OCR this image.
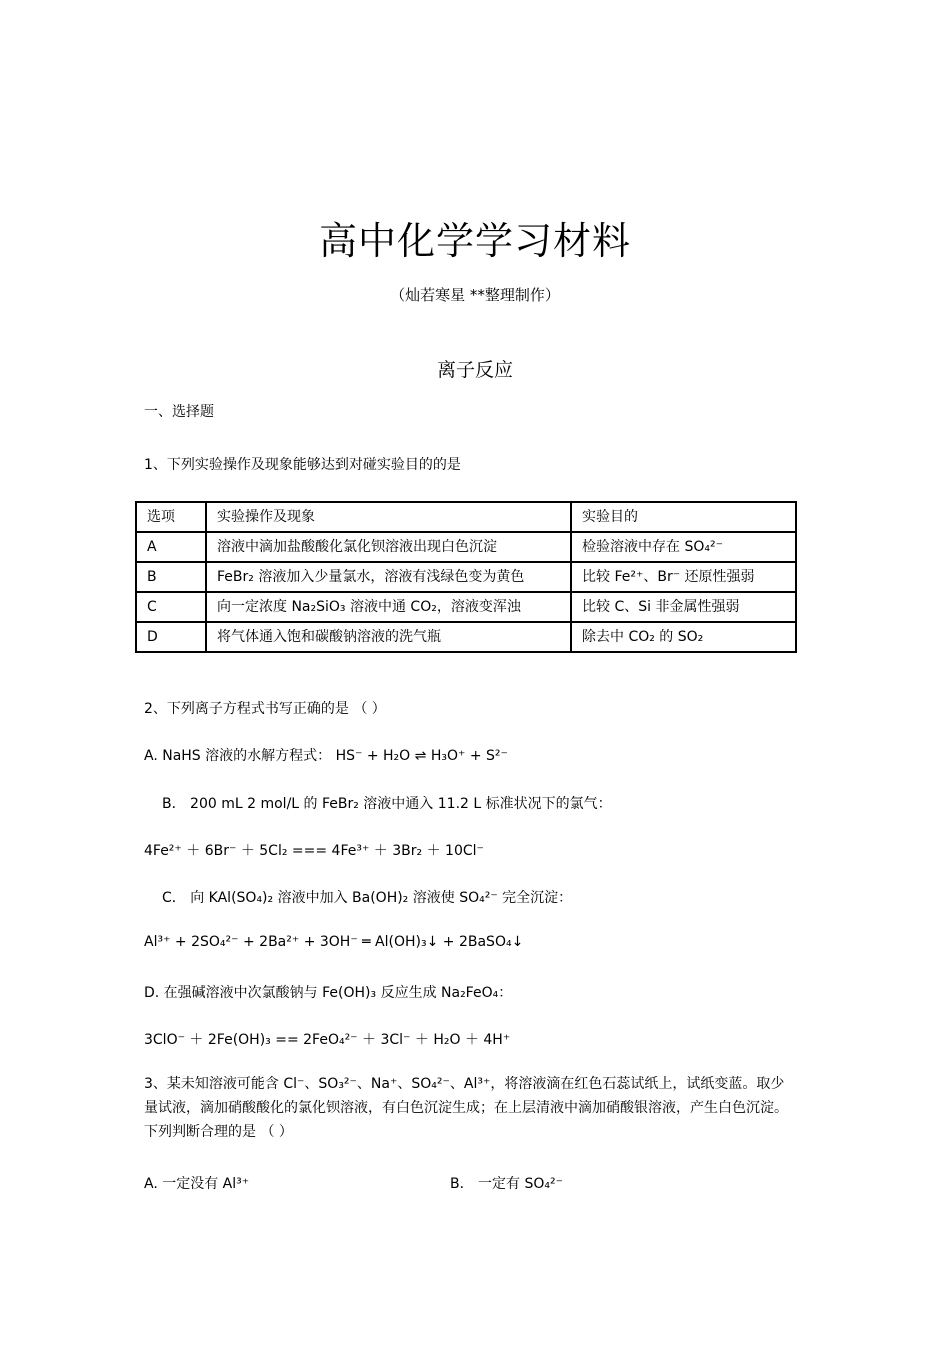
高中化学学习材料
（灿若寒星 **整理制作）
离子反应
一、选择题
1、下列实验操作及现象能够达到对碰实验目的的是
选项	实验操作及现象	实验目的
A	溶液中滴加盐酸酸化氯化钡溶液出现白色沉淀	检验溶液中存在 SO₄²⁻
B	FeBr₂ 溶液加入少量氯水，溶液有浅绿色变为黄色	比较 Fe²⁺、Br⁻ 还原性强弱
C	向一定浓度 Na₂SiO₃ 溶液中通 CO₂，溶液变浑浊	比较 C、Si 非金属性强弱
D	将气体通入饱和碳酸钠溶液的洗气瓶	除去中 CO₂ 的 SO₂
2、下列离子方程式书写正确的是 （ ）
A. NaHS 溶液的水解方程式： HS⁻ + H₂O ⇌ H₃O⁺ + S²⁻
B． 200 mL 2 mol/L 的 FeBr₂ 溶液中通入 11.2 L 标准状况下的氯气：
4Fe²⁺ ＋ 6Br⁻ ＋ 5Cl₂ === 4Fe³⁺ ＋ 3Br₂ ＋ 10Cl⁻
C． 向 KAl(SO₄)₂ 溶液中加入 Ba(OH)₂ 溶液使 SO₄²⁻ 完全沉淀：
Al³⁺ + 2SO₄²⁻ + 2Ba²⁺ + 3OH⁻ ═ Al(OH)₃↓ + 2BaSO₄↓
D. 在强碱溶液中次氯酸钠与 Fe(OH)₃ 反应生成 Na₂FeO₄：
3ClO⁻ ＋ 2Fe(OH)₃ == 2FeO₄²⁻ ＋ 3Cl⁻ ＋ H₂O ＋ 4H⁺
3、某未知溶液可能含 Cl⁻、SO₃²⁻、Na⁺、SO₄²⁻、Al³⁺，将溶液滴在红色石蕊试纸上，试纸变蓝。取少量试液，滴加硝酸酸化的氯化钡溶液，有白色沉淀生成；在上层清液中滴加硝酸银溶液，产生白色沉淀。下列判断合理的是 （ ）
A. 一定没有 Al³⁺	B． 一定有 SO₄²⁻
